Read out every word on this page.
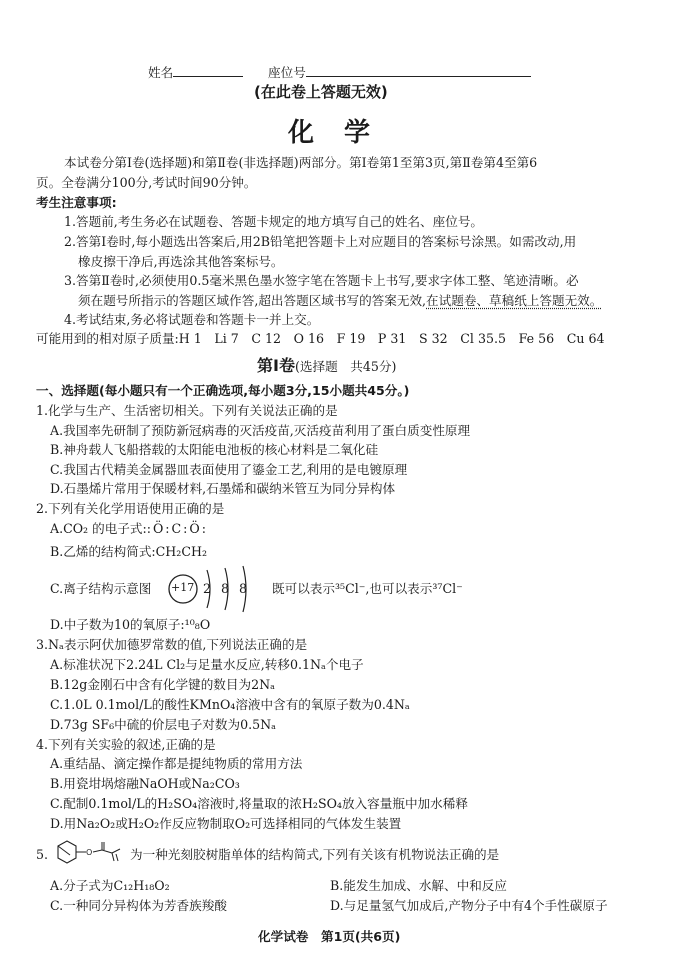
姓名	座位号
(在此卷上答题无效)
化　学
本试卷分第Ⅰ卷(选择题)和第Ⅱ卷(非选择题)两部分。第Ⅰ卷第1至第3页,第Ⅱ卷第4至第6
页。全卷满分100分,考试时间90分钟。
考生注意事项:
1.答题前,考生务必在试题卷、答题卡规定的地方填写自己的姓名、座位号。
2.答第Ⅰ卷时,每小题选出答案后,用2B铅笔把答题卡上对应题目的答案标号涂黑。如需改动,用
橡皮擦干净后,再选涂其他答案标号。
3.答第Ⅱ卷时,必须使用0.5毫米黑色墨水签字笔在答题卡上书写,要求字体工整、笔迹清晰。必
须在题号所指示的答题区域作答,超出答题区域书写的答案无效,在试题卷、草稿纸上答题无效。
4.考试结束,务必将试题卷和答题卡一并上交。
可能用到的相对原子质量:H 1　Li 7　C 12　O 16　F 19　P 31　S 32　Cl 35.5　Fe 56　Cu 64
第Ⅰ卷(选择题　共45分)
一、选择题(每小题只有一个正确选项,每小题3分,15小题共45分。)
1.化学与生产、生活密切相关。下列有关说法正确的是
A.我国率先研制了预防新冠病毒的灭活疫苗,灭活疫苗利用了蛋白质变性原理
B.神舟载人飞船搭载的太阳能电池板的核心材料是二氧化硅
C.我国古代精美金属器皿表面使用了鎏金工艺,利用的是电镀原理
D.石墨烯片常用于保暖材料,石墨烯和碳纳米管互为同分异构体
2.下列有关化学用语使用正确的是
A.CO₂ 的电子式::Ö:C:Ö:
B.乙烯的结构简式:CH₂CH₂
C.离子结构示意图 +17 2 8 8 既可以表示³⁵Cl⁻,也可以表示³⁷Cl⁻
D.中子数为10的氧原子:¹⁰₈O
3.Nₐ表示阿伏加德罗常数的值,下列说法正确的是
A.标准状况下2.24L Cl₂与足量水反应,转移0.1Nₐ个电子
B.12g金刚石中含有化学键的数目为2Nₐ
C.1.0L 0.1mol/L的酸性KMnO₄溶液中含有的氧原子数为0.4Nₐ
D.73g SF₆中硫的价层电子对数为0.5Nₐ
4.下列有关实验的叙述,正确的是
A.重结晶、滴定操作都是提纯物质的常用方法
B.用瓷坩埚熔融NaOH或Na₂CO₃
C.配制0.1mol/L的H₂SO₄溶液时,将量取的浓H₂SO₄放入容量瓶中加水稀释
D.用Na₂O₂或H₂O₂作反应物制取O₂可选择相同的气体发生装置
5.	O	为一种光刻胶树脂单体的结构简式,下列有关该有机物说法正确的是
A.分子式为C₁₂H₁₈O₂	B.能发生加成、水解、中和反应
C.一种同分异构体为芳香族羧酸	D.与足量氢气加成后,产物分子中有4个手性碳原子
化学试卷　第1页(共6页)
